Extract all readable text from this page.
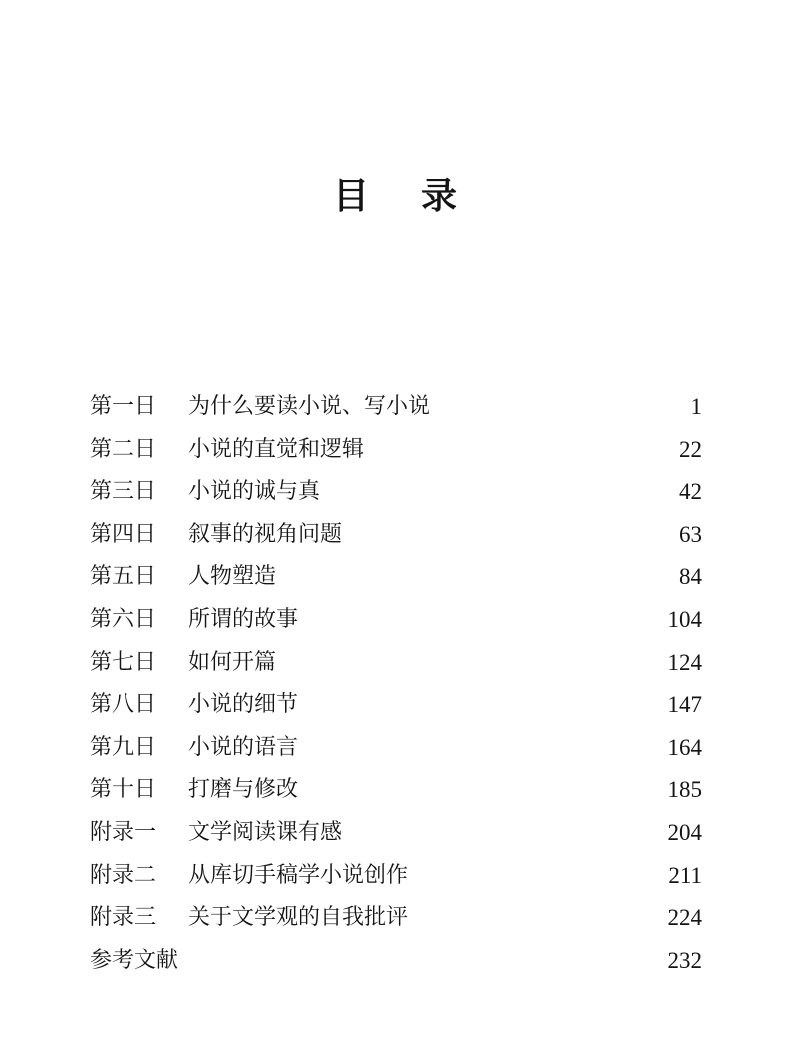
目 录
第一日 为什么要读小说、写小说	1
第二日 小说的直觉和逻辑	22
第三日 小说的诚与真	42
第四日 叙事的视角问题	63
第五日 人物塑造	84
第六日 所谓的故事	104
第七日 如何开篇	124
第八日 小说的细节	147
第九日 小说的语言	164
第十日 打磨与修改	185
附录一 文学阅读课有感	204
附录二 从库切手稿学小说创作	211
附录三 关于文学观的自我批评	224
参考文献	232
